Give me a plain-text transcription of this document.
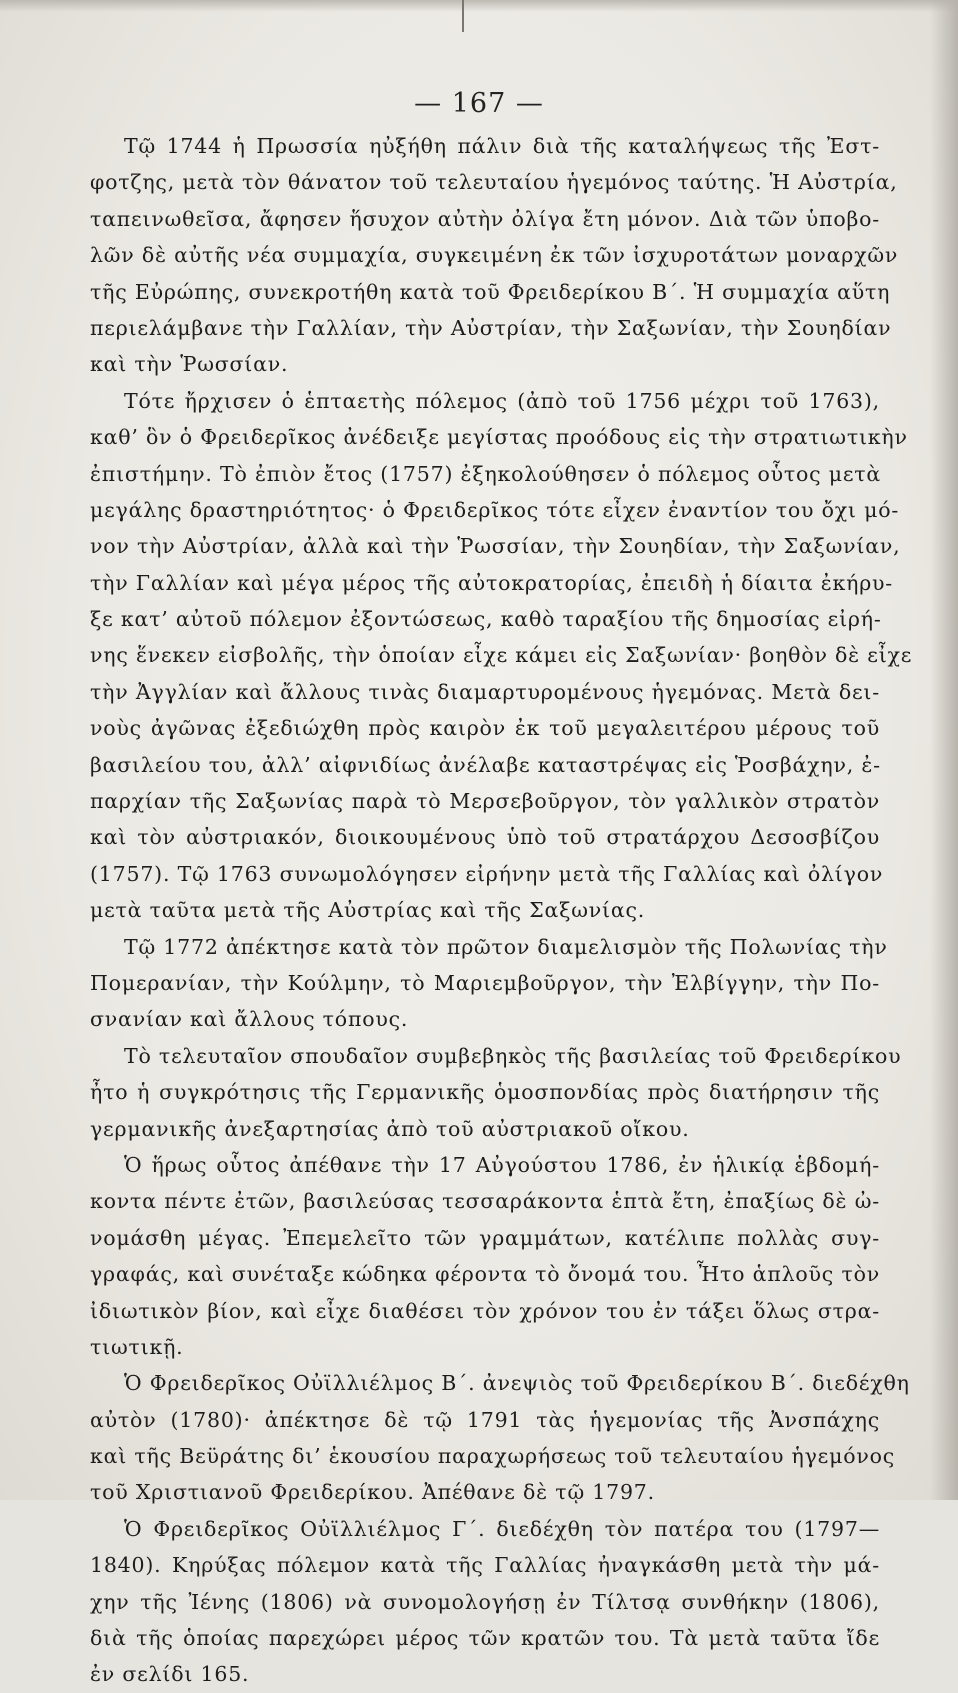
— 167 —
Τῷ 1744 ἡ Πρωσσία ηὐξήθη πάλιν διὰ τῆς καταλήψεως τῆς Ἐστ-
φοτζης, μετὰ τὸν θάνατον τοῦ τελευταίου ἡγεμόνος ταύτης. Ἡ Αὐστρία,
ταπεινωθεῖσα, ἄφησεν ἥσυχον αὐτὴν ὀλίγα ἔτη μόνον. Διὰ τῶν ὑποβο-
λῶν δὲ αὐτῆς νέα συμμαχία, συγκειμένη ἐκ τῶν ἰσχυροτάτων μοναρχῶν
τῆς Εὐρώπης, συνεκροτήθη κατὰ τοῦ Φρειδερίκου Β΄. Ἡ συμμαχία αὕτη
περιελάμβανε τὴν Γαλλίαν, τὴν Αὐστρίαν, τὴν Σαξωνίαν, τὴν Σουηδίαν
καὶ τὴν Ῥωσσίαν.
Τότε ἤρχισεν ὁ ἑπταετὴς πόλεμος (ἀπὸ τοῦ 1756 μέχρι τοῦ 1763),
καθ’ ὃν ὁ Φρειδερῖκος ἀνέδειξε μεγίστας προόδους εἰς τὴν στρατιωτικὴν
ἐπιστήμην. Τὸ ἐπιὸν ἔτος (1757) ἐξηκολούθησεν ὁ πόλεμος οὗτος μετὰ
μεγάλης δραστηριότητος· ὁ Φρειδερῖκος τότε εἶχεν ἐναντίον του ὄχι μό-
νον τὴν Αὐστρίαν, ἀλλὰ καὶ τὴν Ῥωσσίαν, τὴν Σουηδίαν, τὴν Σαξωνίαν,
τὴν Γαλλίαν καὶ μέγα μέρος τῆς αὐτοκρατορίας, ἐπειδὴ ἡ δίαιτα ἐκήρυ-
ξε κατ’ αὐτοῦ πόλεμον ἐξοντώσεως, καθὸ ταραξίου τῆς δημοσίας εἰρή-
νης ἕνεκεν εἰσβολῆς, τὴν ὁποίαν εἶχε κάμει εἰς Σαξωνίαν· βοηθὸν δὲ εἶχε
τὴν Ἀγγλίαν καὶ ἄλλους τινὰς διαμαρτυρομένους ἡγεμόνας. Μετὰ δει-
νοὺς ἀγῶνας ἐξεδιώχθη πρὸς καιρὸν ἐκ τοῦ μεγαλειτέρου μέρους τοῦ
βασιλείου του, ἀλλ’ αἰφνιδίως ἀνέλαβε καταστρέψας εἰς Ῥοσβάχην, ἐ-
παρχίαν τῆς Σαξωνίας παρὰ τὸ Μερσεβοῦργον, τὸν γαλλικὸν στρατὸν
καὶ τὸν αὐστριακόν, διοικουμένους ὑπὸ τοῦ στρατάρχου Δεσοσβίζου
(1757). Τῷ 1763 συνωμολόγησεν εἰρήνην μετὰ τῆς Γαλλίας καὶ ὀλίγον
μετὰ ταῦτα μετὰ τῆς Αὐστρίας καὶ τῆς Σαξωνίας.
Τῷ 1772 ἀπέκτησε κατὰ τὸν πρῶτον διαμελισμὸν τῆς Πολωνίας τὴν
Πομερανίαν, τὴν Κούλμην, τὸ Μαριεμβοῦργον, τὴν Ἐλβίγγην, τὴν Πο-
σνανίαν καὶ ἄλλους τόπους.
Τὸ τελευταῖον σπουδαῖον συμβεβηκὸς τῆς βασιλείας τοῦ Φρειδερίκου
ἦτο ἡ συγκρότησις τῆς Γερμανικῆς ὁμοσπονδίας πρὸς διατήρησιν τῆς
γερμανικῆς ἀνεξαρτησίας ἀπὸ τοῦ αὐστριακοῦ οἴκου.
Ὁ ἥρως οὗτος ἀπέθανε τὴν 17 Αὐγούστου 1786, ἐν ἡλικίᾳ ἑβδομή-
κοντα πέντε ἐτῶν, βασιλεύσας τεσσαράκοντα ἑπτὰ ἔτη, ἐπαξίως δὲ ὠ-
νομάσθη μέγας. Ἐπεμελεῖτο τῶν γραμμάτων, κατέλιπε πολλὰς συγ-
γραφάς, καὶ συνέταξε κώδηκα φέροντα τὸ ὄνομά του. Ἦτο ἁπλοῦς τὸν
ἰδιωτικὸν βίον, καὶ εἶχε διαθέσει τὸν χρόνον του ἐν τάξει ὅλως στρα-
τιωτικῇ.
Ὁ Φρειδερῖκος Οὐϊλλιέλμος Β΄. ἀνεψιὸς τοῦ Φρειδερίκου Β΄. διεδέχθη
αὐτὸν (1780)· ἀπέκτησε δὲ τῷ 1791 τὰς ἡγεμονίας τῆς Ἀνσπάχης
καὶ τῆς Βεϋράτης δι’ ἑκουσίου παραχωρήσεως τοῦ τελευταίου ἡγεμόνος
τοῦ Χριστιανοῦ Φρειδερίκου. Ἀπέθανε δὲ τῷ 1797.
Ὁ Φρειδερῖκος Οὐϊλλιέλμος Γ΄. διεδέχθη τὸν πατέρα του (1797—
1840). Κηρύξας πόλεμον κατὰ τῆς Γαλλίας ἠναγκάσθη μετὰ τὴν μά-
χην τῆς Ἰένης (1806) νὰ συνομολογήσῃ ἐν Τίλτσᾳ συνθήκην (1806),
διὰ τῆς ὁποίας παρεχώρει μέρος τῶν κρατῶν του. Τὰ μετὰ ταῦτα ἴδε
ἐν σελίδι 165.
